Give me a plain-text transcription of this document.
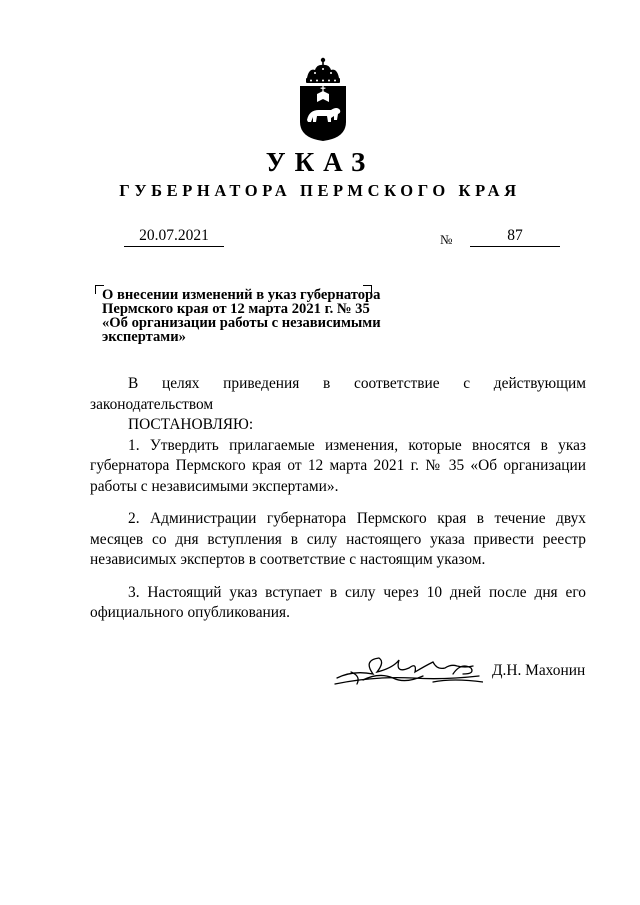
УКАЗ
ГУБЕРНАТОРА ПЕРМСКОГО КРАЯ
20.07.2021	№	87
О внесении изменений в указ губернатора
Пермского края от 12 марта 2021 г. № 35
«Об организации работы с независимыми
экспертами»

В целях приведения в соответствие с действующим

законодательством

ПОСТАНОВЛЯЮ:

1. Утвердить прилагаемые изменения, которые вносятся в указ губернатора Пермского края от 12 марта 2021 г. № 35 «Об организации работы с независимыми экспертами».

2. Администрации губернатора Пермского края в течение двух месяцев со дня вступления в силу настоящего указа привести реестр независимых экспертов в соответствие с настоящим указом.

3. Настоящий указ вступает в силу через 10 дней после дня его официального опубликования.

Д.Н. Махонин
